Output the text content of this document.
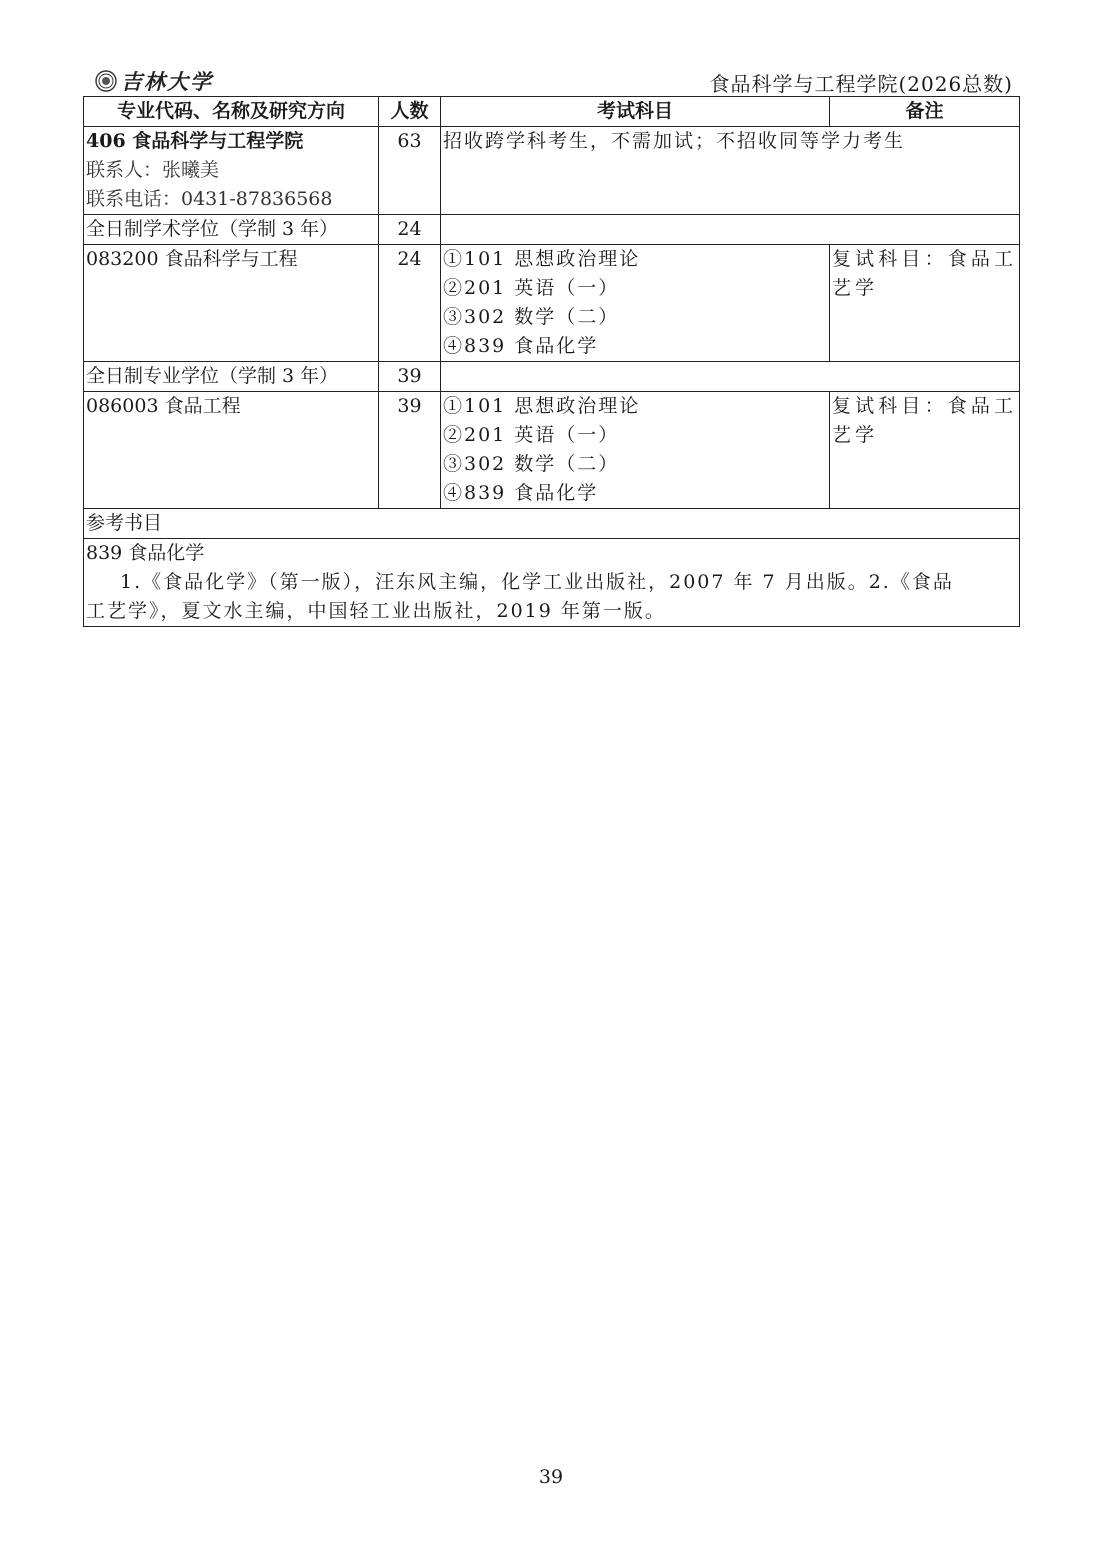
吉林大学	食品科学与工程学院(2026总数)
专业代码、名称及研究方向	人数	考试科目	备注

406 食品科学与工程学院
联系人：张曦美
联系电话：0431-87836568	63	招收跨学科考生，不需加试；不招收同等学力考生	
全日制学术学位（学制 3 年）	24		
083200 食品科学与工程	24	①101 思想政治理论
②201 英语（一）
③302 数学（二）
④839 食品化学	复试科目：食品工艺学
全日制专业学位（学制 3 年）	39		
086003 食品工程	39	①101 思想政治理论
②201 英语（一）
③302 数学（二）
④839 食品化学	复试科目：食品工艺学
参考书目			

839 食品化学
1.《食品化学》（第一版），汪东风主编，化学工业出版社，2007 年 7 月出版。2.《食品
工艺学》，夏文水主编，中国轻工业出版社，2019 年第一版。			
39
